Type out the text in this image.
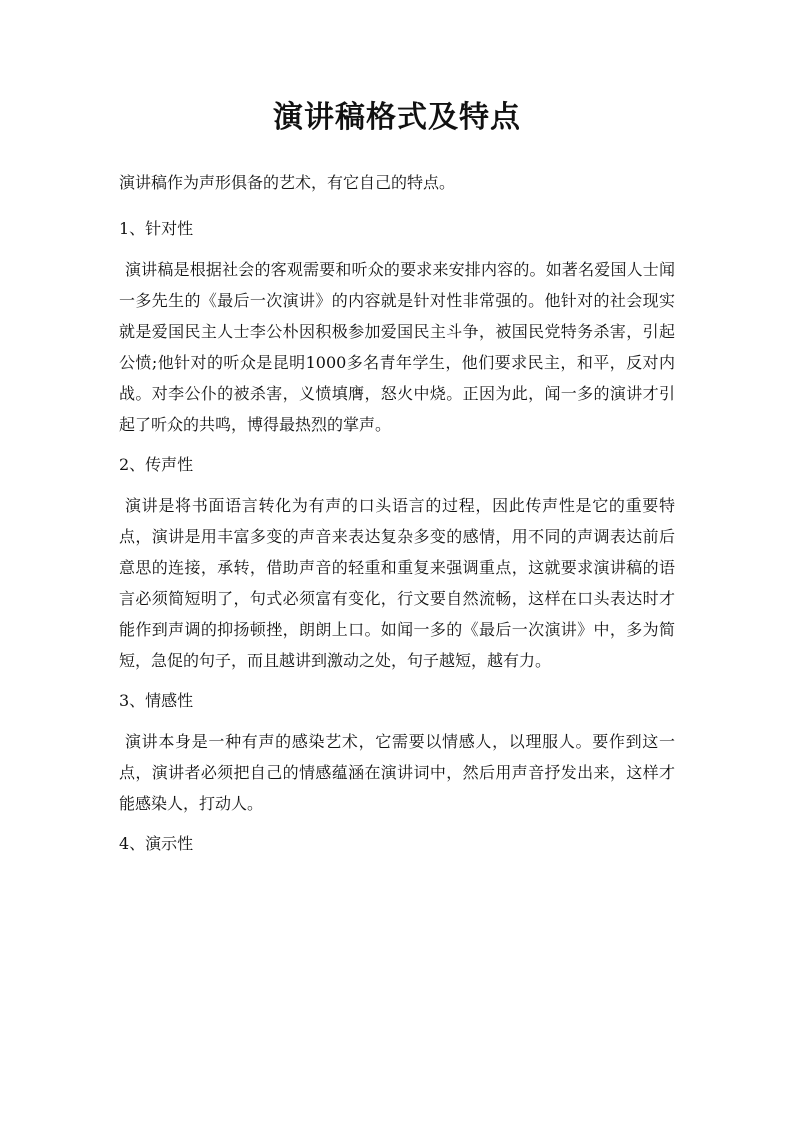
演讲稿格式及特点

演讲稿作为声形俱备的艺术，有它自己的特点。

1、针对性

演讲稿是根据社会的客观需要和听众的要求来安排内容的。如著名爱国人士闻一多先生的《最后一次演讲》的内容就是针对性非常强的。他针对的社会现实就是爱国民主人士李公朴因积极参加爱国民主斗争，被国民党特务杀害，引起公愤;他针对的听众是昆明1000多名青年学生，他们要求民主，和平，反对内战。对李公仆的被杀害，义愤填膺，怒火中烧。正因为此，闻一多的演讲才引起了听众的共鸣，博得最热烈的掌声。

2、传声性

演讲是将书面语言转化为有声的口头语言的过程，因此传声性是它的重要特点，演讲是用丰富多变的声音来表达复杂多变的感情，用不同的声调表达前后意思的连接，承转，借助声音的轻重和重复来强调重点，这就要求演讲稿的语言必须简短明了，句式必须富有变化，行文要自然流畅，这样在口头表达时才能作到声调的抑扬顿挫，朗朗上口。如闻一多的《最后一次演讲》中，多为简短，急促的句子，而且越讲到激动之处，句子越短，越有力。

3、情感性

演讲本身是一种有声的感染艺术，它需要以情感人，以理服人。要作到这一点，演讲者必须把自己的情感蕴涵在演讲词中，然后用声音抒发出来，这样才能感染人，打动人。

4、演示性
